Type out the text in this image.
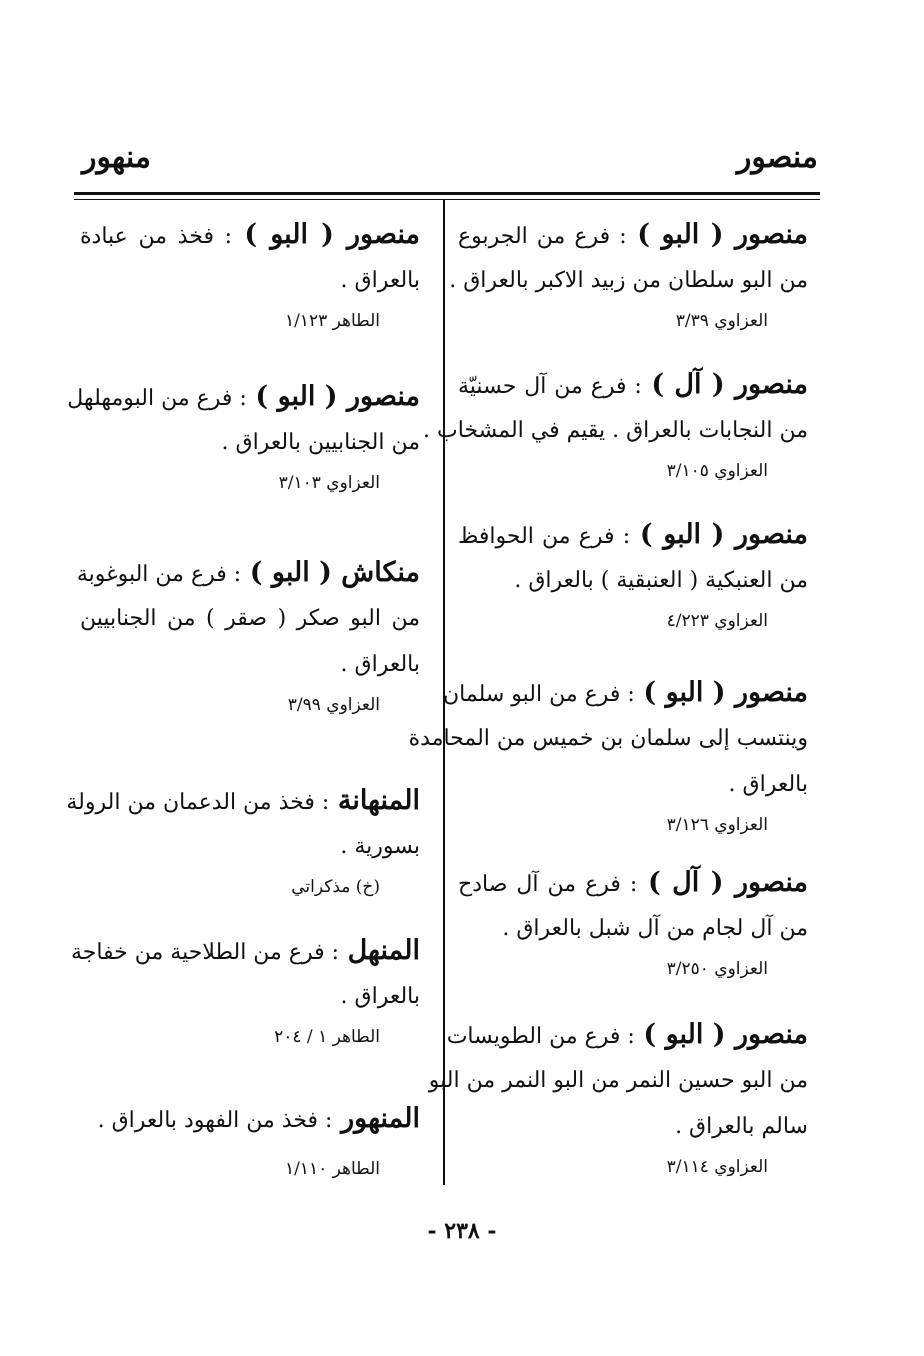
منصور
منهور
منصور ( البو ) : فرع من الجربوع
من البو سلطان من زبيد الاكبر بالعراق .
العزاوي ٣/٣٩
منصور ( آل ) : فرع من آل حسنيّة
من النجابات بالعراق . يقيم في المشخاب .
العزاوي ٣/١٠٥
منصور ( البو ) : فرع من الحوافظ
من العنبكية ( العنبقية ) بالعراق .
العزاوي ٤/٢٢٣
منصور ( البو ) : فرع من البو سلمان
وينتسب إلى سلمان بن خميس من المحامدة
بالعراق .
العزاوي ٣/١٢٦
منصور ( آل ) : فرع من آل صادح
من آل لجام من آل شبل بالعراق .
العزاوي ٣/٢٥٠
منصور ( البو ) : فرع من الطويسات
من البو حسين النمر من البو النمر من البو
سالم بالعراق .
العزاوي ٣/١١٤
منصور ( البو ) : فخذ من عبادة
بالعراق .
الطاهر ١/١٢٣
منصور ( البو ) : فرع من البومهلهل
من الجنابيين بالعراق .
العزاوي ٣/١٠٣
منكاش ( البو ) : فرع من البوغوبة
من البو صكر ( صقر ) من الجنابيين
بالعراق .
العزاوي ٣/٩٩
المنهانة : فخذ من الدعمان من الرولة
بسورية .
(خ) مذكراتي
المنهل : فرع من الطلاحية من خفاجة
بالعراق .
الطاهر ١ / ٢٠٤
المنهور : فخذ من الفهود بالعراق .
الطاهر ١/١١٠
- ٢٣٨ -
